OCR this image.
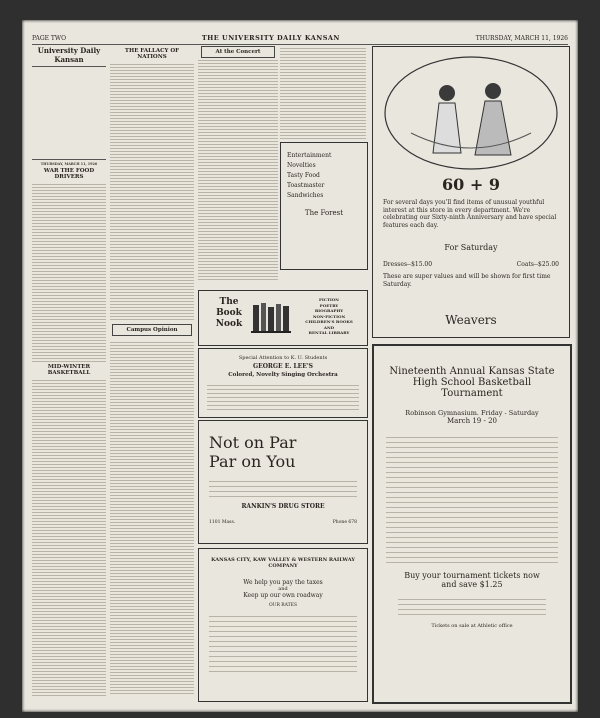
PAGE TWO	THE UNIVERSITY DAILY KANSAN	THURSDAY, MARCH 11, 1926
University Daily Kansan

THURSDAY, MARCH 11, 1926
WAR THE FOOD DRIVERS
MID-WINTER BASKETBALL
THE FALLACY OF NATIONS
Campus Opinion
At the Concert
Entertainment
Novelties
Tasty Food
Toastmaster
Sandwiches
The Forest
The Book Nook
FICTION
POETRY
BIOGRAPHY
NON-FICTION
CHILDREN'S BOOKS
AND
RENTAL LIBRARY
Special Attention to K. U. Students
GEORGE E. LEE'S
Colored, Novelty Singing Orchestra
Not on Par
Par on You
RANKIN'S DRUG STORE
1101 Mass.	Phone 678
KANSAS CITY, KAW VALLEY & WESTERN RAILWAY COMPANY
We help you pay the taxes
and
Keep up our own roadway
OUR RATES
60 + 9
For several days you'll find items of unusual youthful interest at this store in every department. We're celebrating our Sixty-ninth Anniversary and have special features each day.
For Saturday
Dresses--$15.00	Coats--$25.00
These are super values and will be shown for first time Saturday.
Weavers
Nineteenth Annual Kansas State
High School Basketball
Tournament
Robinson Gymnasium. Friday - Saturday
March 19 - 20
Buy your tournament tickets now
and save $1.25
Tickets on sale at Athletic office
